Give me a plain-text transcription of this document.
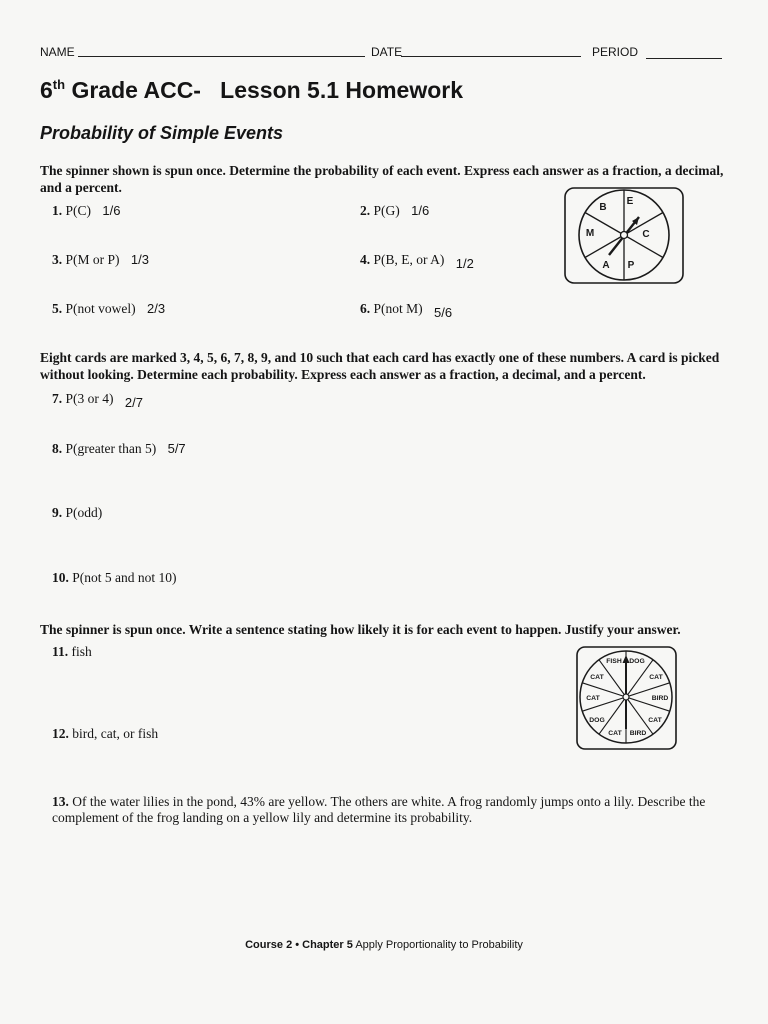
NAME	DATE	PERIOD
6th Grade ACC- Lesson 5.1 Homework
Probability of Simple Events
The spinner shown is spun once. Determine the probability of each event. Express each answer as a fraction, a decimal, and a percent.
1. P(C) 1/6	2. P(G) 1/6
3. P(M or P) 1/3	4. P(B, E, or A) 1/2
5. P(not vowel) 2/3	6. P(not M) 5/6
B
E
C
P
A
M
Eight cards are marked 3, 4, 5, 6, 7, 8, 9, and 10 such that each card has exactly one of these numbers. A card is picked without looking. Determine each probability. Express each answer as a fraction, a decimal, and a percent.
7. P(3 or 4) 2/7
8. P(greater than 5) 5/7
9. P(odd)
10. P(not 5 and not 10)
The spinner is spun once. Write a sentence stating how likely it is for each event to happen. Justify your answer.
11. fish
12. bird, cat, or fish
FISH DOG
CAT
BIRD
CAT
BIRD
CAT
DOG
CAT
CAT
13. Of the water lilies in the pond, 43% are yellow. The others are white. A frog randomly jumps onto a lily. Describe the complement of the frog landing on a yellow lily and determine its probability.
Course 2 • Chapter 5 Apply Proportionality to Probability
